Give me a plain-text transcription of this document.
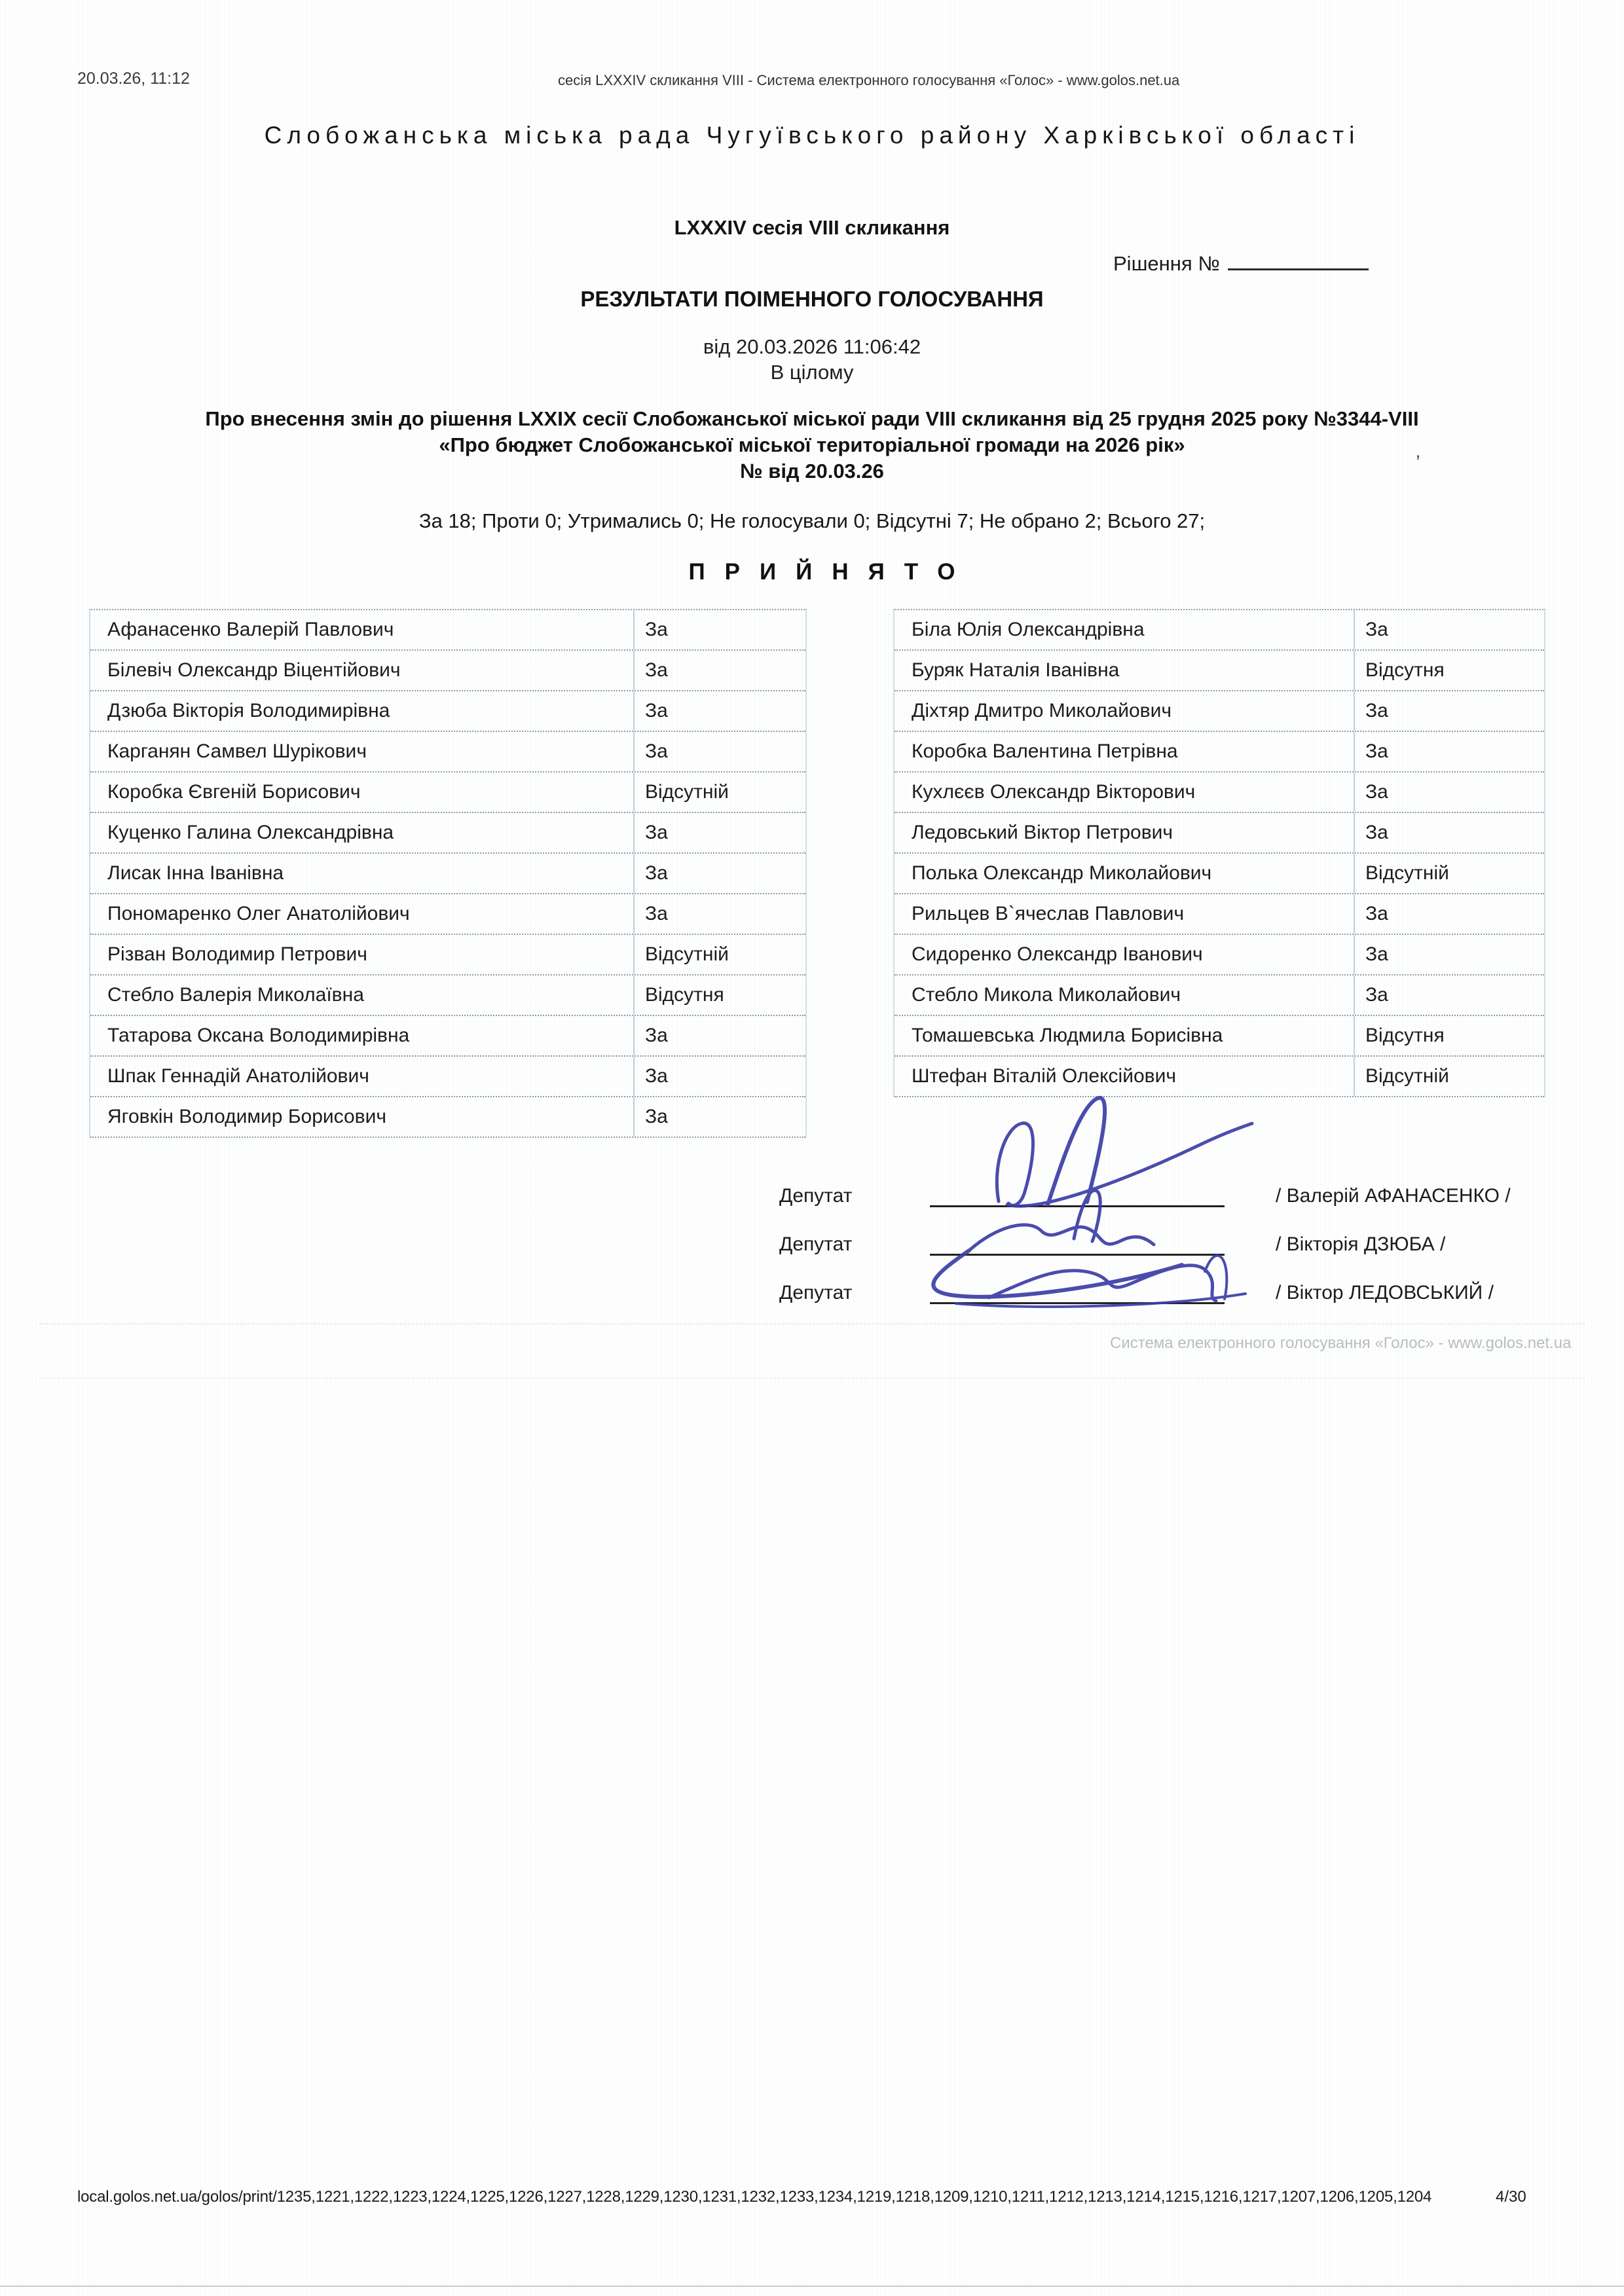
20.03.26, 11:12	сесія LXXXIV скликання VIII - Система електронного голосування «Голос» - www.golos.net.ua
Слобожанська міська рада Чугуївського району Харківської області
LXXXIV сесія VIII скликання
Рішення №
РЕЗУЛЬТАТИ ПОІМЕННОГО ГОЛОСУВАННЯ
від 20.03.2026 11:06:42
В цілому
Про внесення змін до рішення LXXIX сесії Слобожанської міської ради VIII скликання від 25 грудня 2025 року №3344-VIII
«Про бюджет Слобожанської міської територіальної громади на 2026 рік»
№ від 20.03.26
За 18; Проти 0; Утримались 0; Не голосували 0; Відсутні 7; Не обрано 2; Всього 27;
ПРИЙНЯТО
’
Афанасенко Валерій Павлович	За
Білевіч Олександр Віцентійович	За
Дзюба Вікторія Володимирівна	За
Карганян Самвел Шурікович	За
Коробка Євгеній Борисович	Відсутній
Куценко Галина Олександрівна	За
Лисак Інна Іванівна	За
Пономаренко Олег Анатолійович	За
Різван Володимир Петрович	Відсутній
Стебло Валерія Миколаївна	Відсутня
Татарова Оксана Володимирівна	За
Шпак Геннадій Анатолійович	За
Яговкін Володимир Борисович	За
Біла Юлія Олександрівна	За
Буряк Наталія Іванівна	Відсутня
Діхтяр Дмитро Миколайович	За
Коробка Валентина Петрівна	За
Кухлєєв Олександр Вікторович	За
Ледовський Віктор Петрович	За
Полька Олександр Миколайович	Відсутній
Рильцев В`ячеслав Павлович	За
Сидоренко Олександр Іванович	За
Стебло Микола Миколайович	За
Томашевська Людмила Борисівна	Відсутня
Штефан Віталій Олексійович	Відсутній
Депутат	/ Валерій АФАНАСЕНКО /
Депутат	/ Вікторія ДЗЮБА /
Депутат	/ Віктор ЛЕДОВСЬКИЙ /
Система електронного голосування «Голос» - www.golos.net.ua
local.golos.net.ua/golos/print/1235,1221,1222,1223,1224,1225,1226,1227,1228,1229,1230,1231,1232,1233,1234,1219,1218,1209,1210,1211,1212,1213,1214,1215,1216,1217,1207,1206,1205,1204	4/30
